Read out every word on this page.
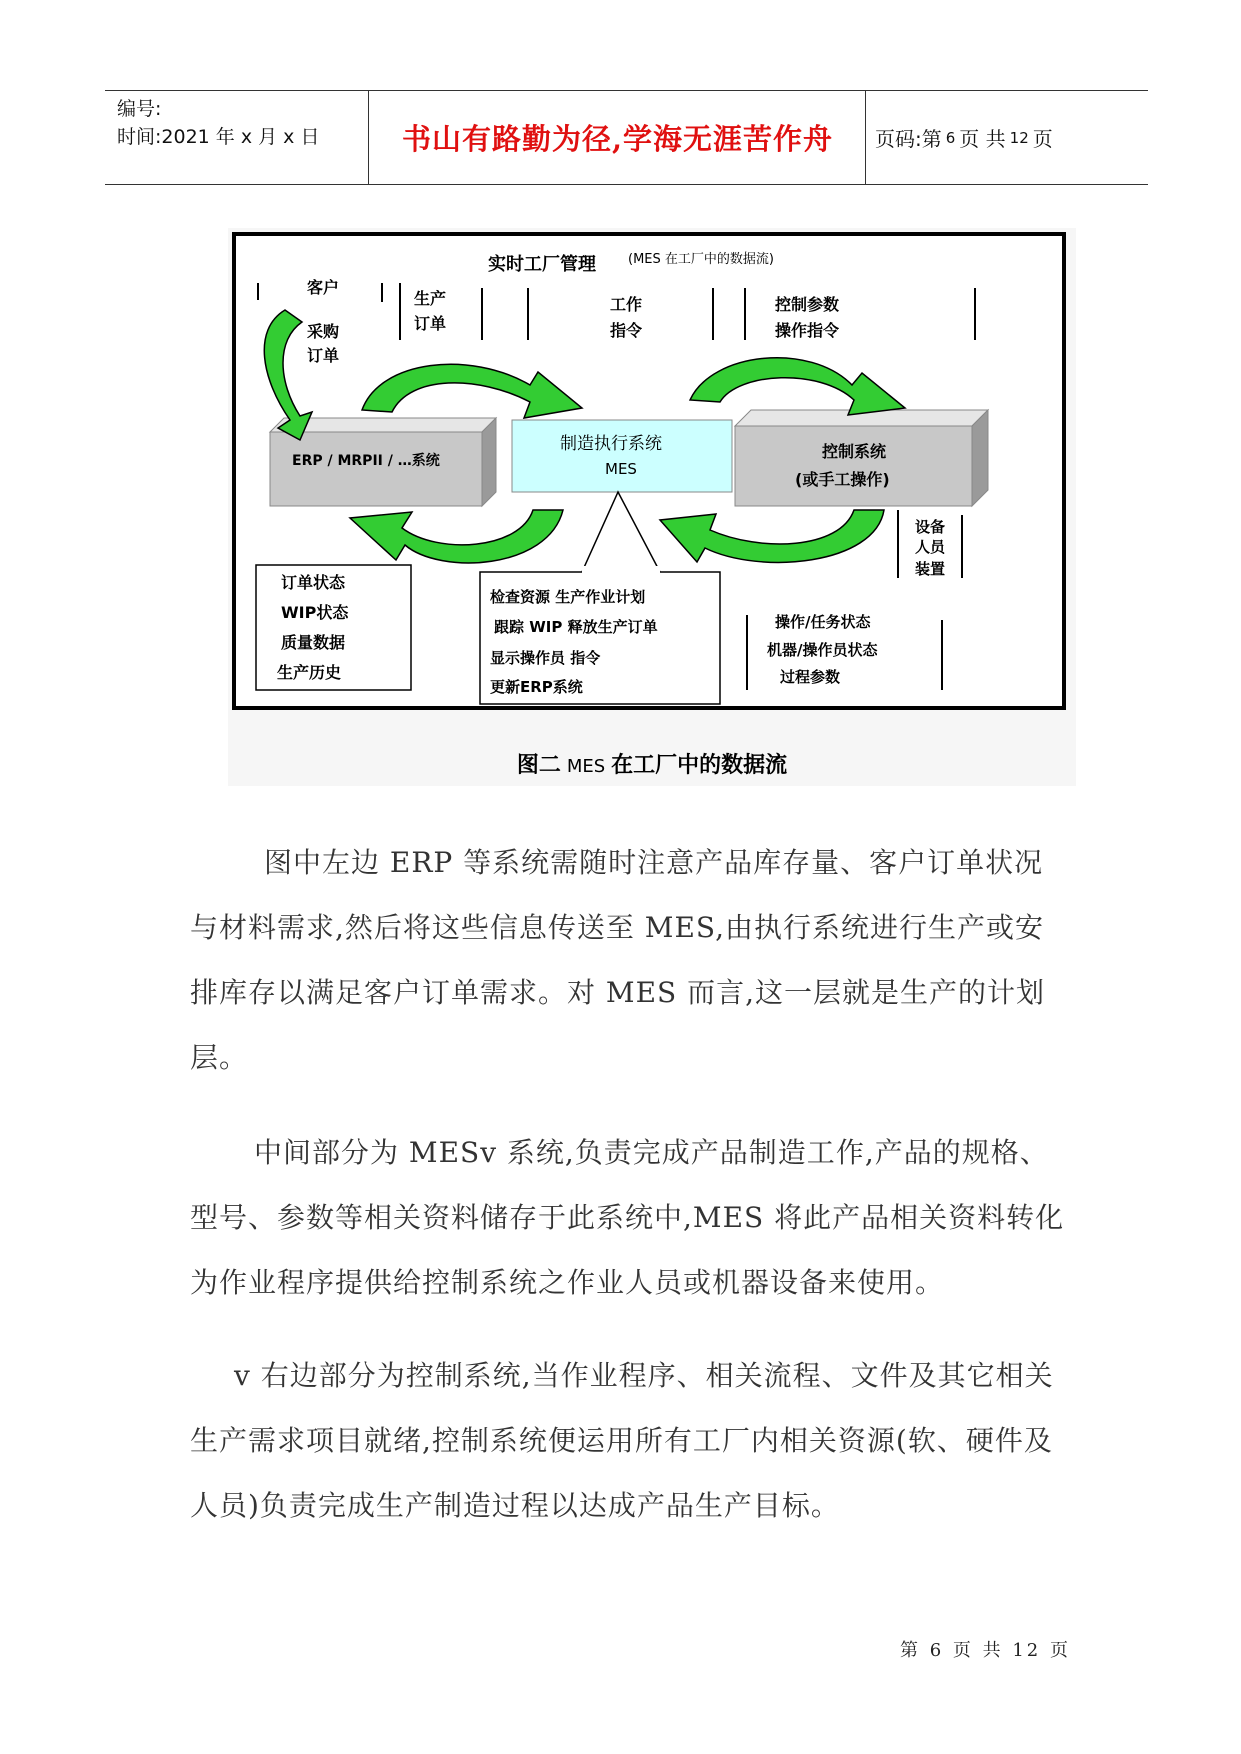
编号:
时间:2021 年 x 月 x 日	书山有路勤为径,学海无涯苦作舟	页码:第 6 页 共 12 页
实时工厂管理 (MES 在工厂中的数据流)
客户
采购
订单
生产
订单
工作
指令
控制参数
操作指令
ERP / MRPII / …系统
制造执行系统
MES
控制系统
(或手工操作)
设备
人员
装置
订单状态
WIP状态
质量数据
生产历史
检查资源 生产作业计划
跟踪 WIP 释放生产订单
显示操作员 指令
更新ERP系统
操作/任务状态
机器/操作员状态
过程参数
图二 MES 在工厂中的数据流
图中左边 ERP 等系统需随时注意产品库存量、客户订单状况与材料需求,然后将这些信息传送至 MES,由执行系统进行生产或安排库存以满足客户订单需求。对 MES 而言,这一层就是生产的计划层。
中间部分为 MESv 系统,负责完成产品制造工作,产品的规格、型号、参数等相关资料储存于此系统中,MES 将此产品相关资料转化为作业程序提供给控制系统之作业人员或机器设备来使用。
v 右边部分为控制系统,当作业程序、相关流程、文件及其它相关生产需求项目就绪,控制系统便运用所有工厂内相关资源(软、硬件及人员)负责完成生产制造过程以达成产品生产目标。
第 6 页 共 12 页
